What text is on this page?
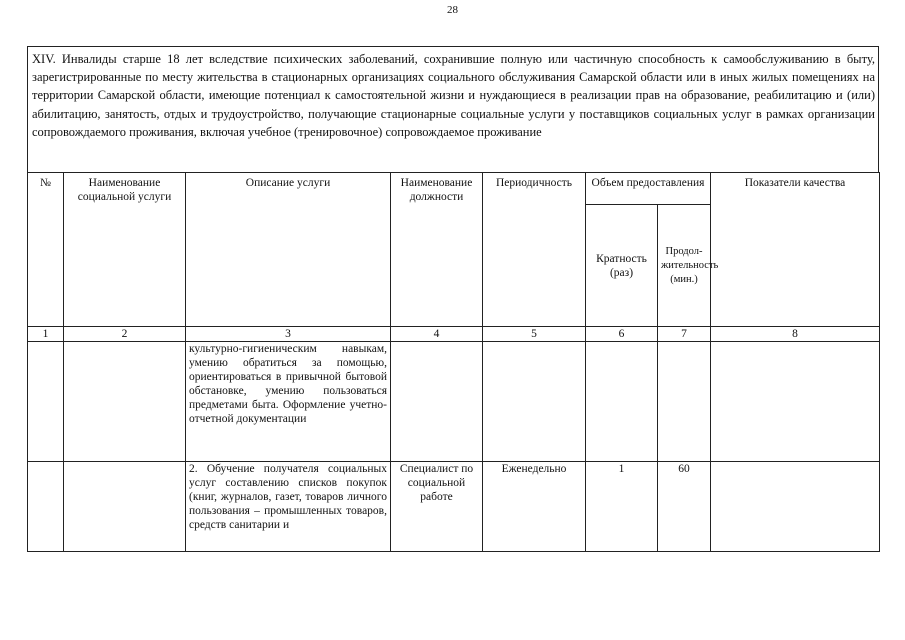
28
XIV. Инвалиды старше 18 лет вследствие психических заболеваний, сохранившие полную или частичную способность к самообслуживанию в быту, зарегистрированные по месту жительства в стационарных организациях социального обслуживания Самарской области или в иных жилых помещениях на территории Самарской области, имеющие потенциал к самостоятельной жизни и нуждающиеся в реализации прав на образование, реабилитацию и (или) абилитацию, занятость, отдых и трудоустройство, получающие стационарные социальные услуги у поставщиков социальных услуг в рамках организации сопровождаемого проживания, включая учебное (тренировочное) сопровождаемое проживание
№	Наименование социальной услуги	Описание услуги	Наименование должности	Периодичность	Объем предоставления		Показатели качества
					Кратность (раз)	Продол-жительность (мин.)	
1	2	3	4	5	6	7	8
		культурно-гигиеническим навыкам, умению обратиться за помощью, ориентироваться в привычной бытовой обстановке, умению пользоваться предметами быта. Оформление учетно-отчетной документации					
		2. Обучение получателя социальных услуг составлению списков покупок (книг, журналов, газет, товаров личного пользования – промышленных товаров, средств санитарии и	Специалист по социальной работе	Еженедельно	1	60	
